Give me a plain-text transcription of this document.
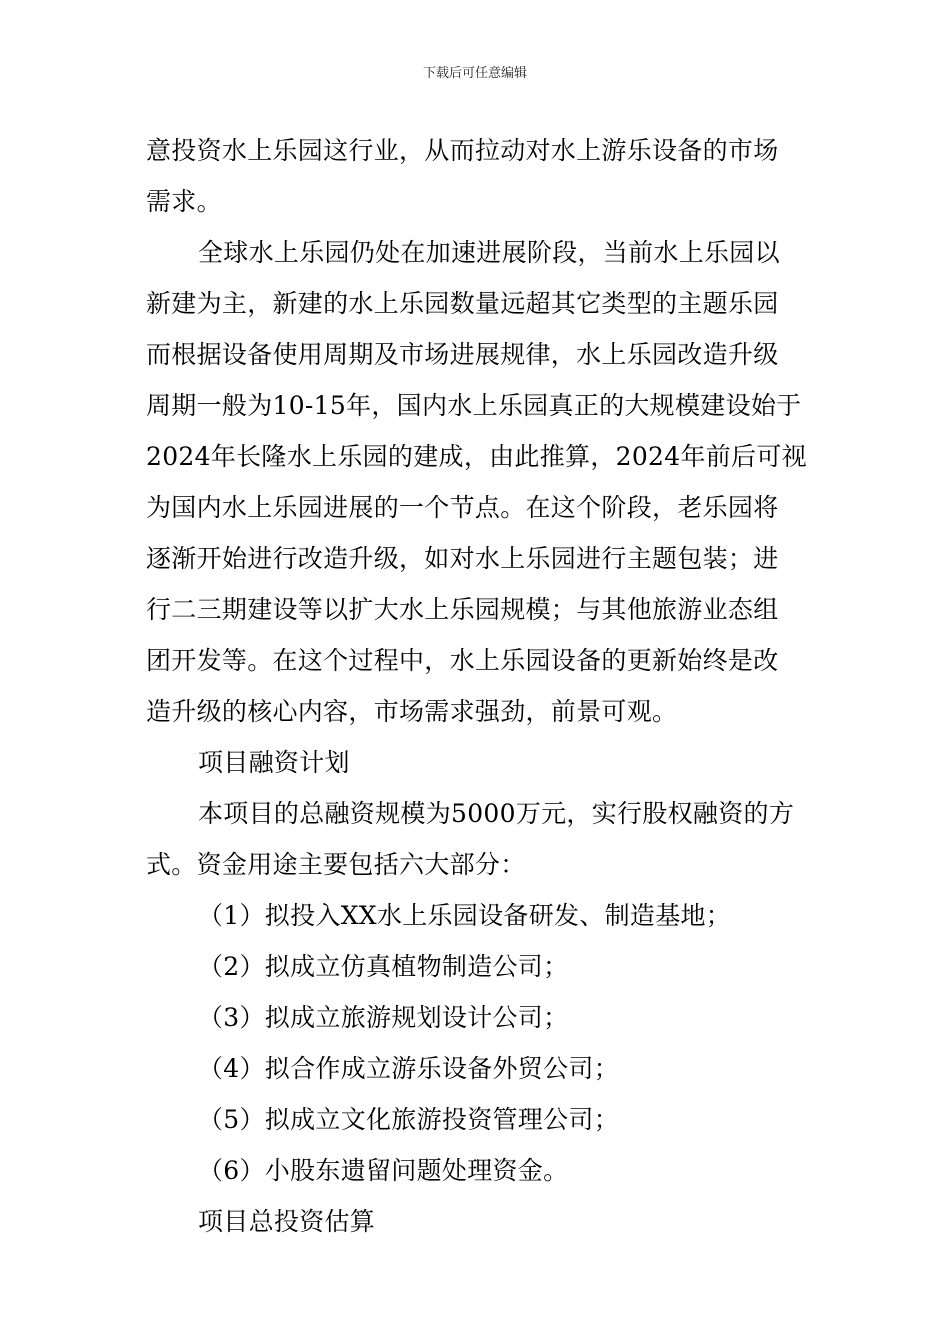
下载后可任意编辑
意投资水上乐园这行业，从而拉动对水上游乐设备的市场
需求。
全球水上乐园仍处在加速进展阶段，当前水上乐园以
新建为主，新建的水上乐园数量远超其它类型的主题乐园
而根据设备使用周期及市场进展规律，水上乐园改造升级
周期一般为10-15年，国内水上乐园真正的大规模建设始于
2024年长隆水上乐园的建成，由此推算，2024年前后可视
为国内水上乐园进展的一个节点。在这个阶段，老乐园将
逐渐开始进行改造升级，如对水上乐园进行主题包装；进
行二三期建设等以扩大水上乐园规模；与其他旅游业态组
团开发等。在这个过程中，水上乐园设备的更新始终是改
造升级的核心内容，市场需求强劲，前景可观。
项目融资计划
本项目的总融资规模为5000万元，实行股权融资的方
式。资金用途主要包括六大部分：
（1）拟投入XX水上乐园设备研发、制造基地；
（2）拟成立仿真植物制造公司；
（3）拟成立旅游规划设计公司；
（4）拟合作成立游乐设备外贸公司；
（5）拟成立文化旅游投资管理公司；
（6）小股东遗留问题处理资金。
项目总投资估算
